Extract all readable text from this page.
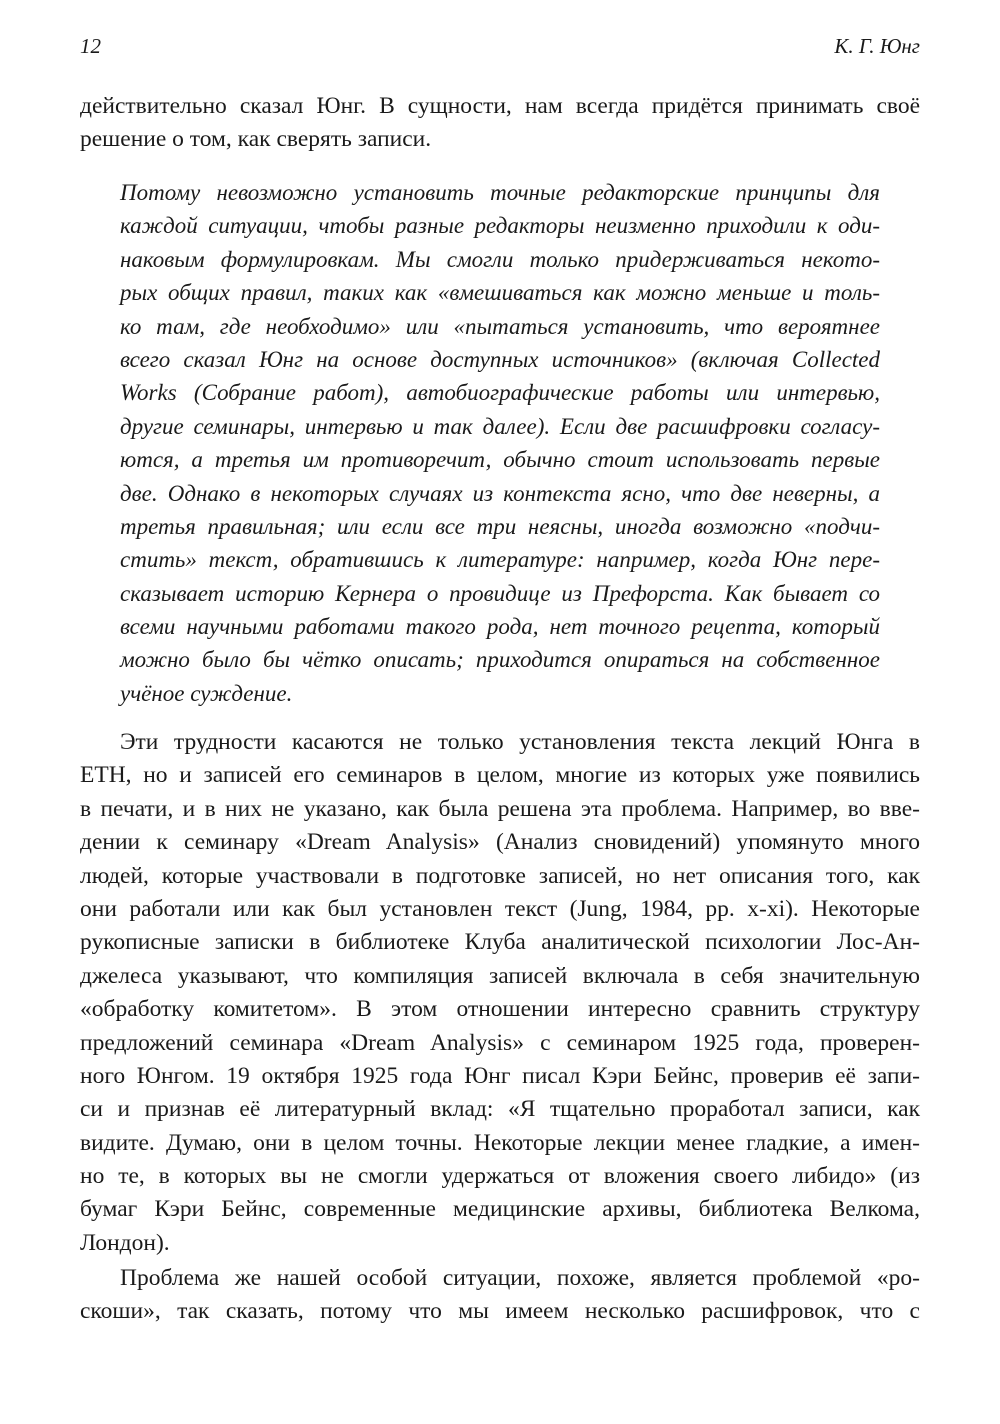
12	К. Г. Юнг
действительно сказал Юнг. В сущности, нам всегда придётся принимать своё
решение о том, как сверять записи.
Потому невозможно установить точные редакторские принципы для
каждой ситуации, чтобы разные редакторы неизменно приходили к оди-
наковым формулировкам. Мы смогли только придерживаться некото-
рых общих правил, таких как «вмешиваться как можно меньше и толь-
ко там, где необходимо» или «пытаться установить, что вероятнее
всего сказал Юнг на основе доступных источников» (включая Collected
Works (Собрание работ), автобиографические работы или интервью,
другие семинары, интервью и так далее). Если две расшифровки согласу-
ются, а третья им противоречит, обычно стоит использовать первые
две. Однако в некоторых случаях из контекста ясно, что две неверны, а
третья правильная; или если все три неясны, иногда возможно «подчи-
стить» текст, обратившись к литературе: например, когда Юнг пере-
сказывает историю Кернера о провидице из Префорста. Как бывает со
всеми научными работами такого рода, нет точного рецепта, который
можно было бы чётко описать; приходится опираться на собственное
учёное суждение.
Эти трудности касаются не только установления текста лекций Юнга в
ETH, но и записей его семинаров в целом, многие из которых уже появились
в печати, и в них не указано, как была решена эта проблема. Например, во вве-
дении к семинару «Dream Analysis» (Анализ сновидений) упомянуто много
людей, которые участвовали в подготовке записей, но нет описания того, как
они работали или как был установлен текст (Jung, 1984, pp. x-xi). Некоторые
рукописные записки в библиотеке Клуба аналитической психологии Лос-Ан-
джелеса указывают, что компиляция записей включала в себя значительную
«обработку комитетом». В этом отношении интересно сравнить структуру
предложений семинара «Dream Analysis» с семинаром 1925 года, проверен-
ного Юнгом. 19 октября 1925 года Юнг писал Кэри Бейнс, проверив её запи-
си и признав её литературный вклад: «Я тщательно проработал записи, как
видите. Думаю, они в целом точны. Некоторые лекции менее гладкие, а имен-
но те, в которых вы не смогли удержаться от вложения своего либидо» (из
бумаг Кэри Бейнс, современные медицинские архивы, библиотека Велкома,
Лондон).
Проблема же нашей особой ситуации, похоже, является проблемой «ро-
скоши», так сказать, потому что мы имеем несколько расшифровок, что с
